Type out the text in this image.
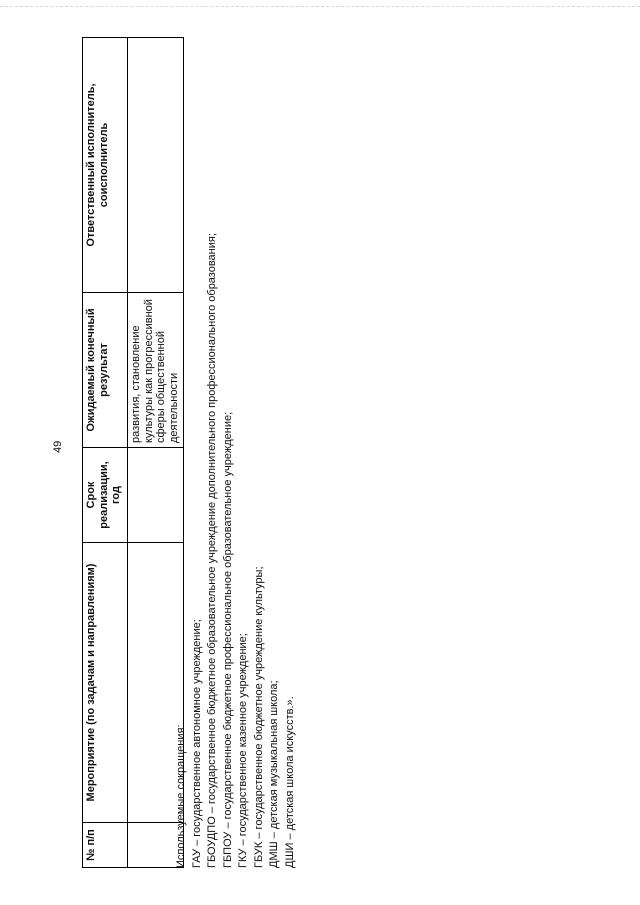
49
№ п/п	Мероприятие (по задачам и направлениям)	Срок реализации, год	Ожидаемый конечный результат	Ответственный исполнитель, соисполнитель
			развития, становление культуры как прогрессивной сферы общественной деятельности	
Используемые сокращения: ГАУ – государственное автономное учреждение; ГБОУДПО – государственное бюджетное образовательное учреждение дополнительного профессионального образования; ГБПОУ – государственное бюджетное профессиональное образовательное учреждение; ГКУ – государственное казенное учреждение; ГБУК – государственное бюджетное учреждение культуры; ДМШ – детская музыкальная школа; ДШИ – детская школа искусств.».
